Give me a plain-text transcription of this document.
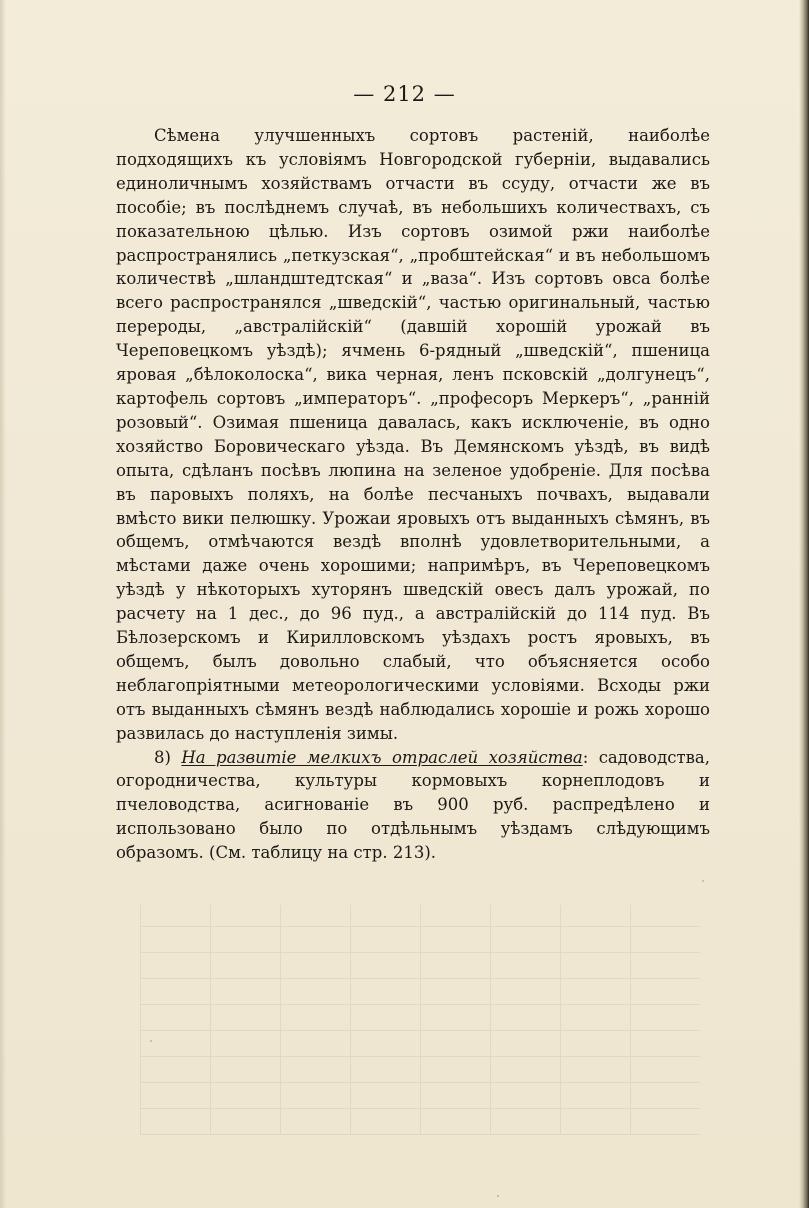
— 212 —

Сѣмена улучшенныхъ сортовъ растеній, наиболѣе подходящихъ къ условіямъ Новгородской губерніи, выдавались единоличнымъ хозяйствамъ отчасти въ ссуду, отчасти же въ пособіе; въ послѣднемъ случаѣ, въ небольшихъ количествахъ, съ показательною цѣлью. Изъ сортовъ озимой ржи наиболѣе распространялись „петкузская“, „пробштейская“ и въ небольшомъ количествѣ „шландштедтская“ и „ваза“. Изъ сортовъ овса болѣе всего распространялся „шведскій“, частью оригинальный, частью перероды, „австралійскій“ (давшій хорошій урожай въ Череповецкомъ уѣздѣ); ячмень 6-рядный „шведскій“, пшеница яровая „бѣлоколоска“, вика черная, ленъ псковскій „долгунецъ“, картофель сортовъ „императоръ“. „професоръ Меркеръ“, „ранній розовый“. Озимая пшеница давалась, какъ исключеніе, въ одно хозяйство Боровическаго уѣзда. Въ Демянскомъ уѣздѣ, въ видѣ опыта, сдѣланъ посѣвъ люпина на зеленое удобреніе. Для посѣва въ паровыхъ поляхъ, на болѣе песчаныхъ почвахъ, выдавали вмѣсто вики пелюшку. Урожаи яровыхъ отъ выданныхъ сѣмянъ, въ общемъ, отмѣчаются вездѣ вполнѣ удовлетворительными, а мѣстами даже очень хорошими; напримѣръ, въ Череповецкомъ уѣздѣ у нѣкоторыхъ хуторянъ шведскій овесъ далъ урожай, по расчету на 1 дес., до 96 пуд., а австралійскій до 114 пуд. Въ Бѣлозерскомъ и Кирилловскомъ уѣздахъ ростъ яровыхъ, въ общемъ, былъ довольно слабый, что объясняется особо неблагопріятными метеорологическими условіями. Всходы ржи отъ выданныхъ сѣмянъ вездѣ наблюдались хорошіе и рожь хорошо развилась до наступленія зимы.

8) На развитіе мелкихъ отраслей хозяйства: садоводства, огородничества, культуры кормовыхъ корнеплодовъ и пчеловодства, асигнованіе въ 900 руб. распредѣлено и использовано было по отдѣльнымъ уѣздамъ слѣдующимъ образомъ. (См. таблицу на стр. 213).
